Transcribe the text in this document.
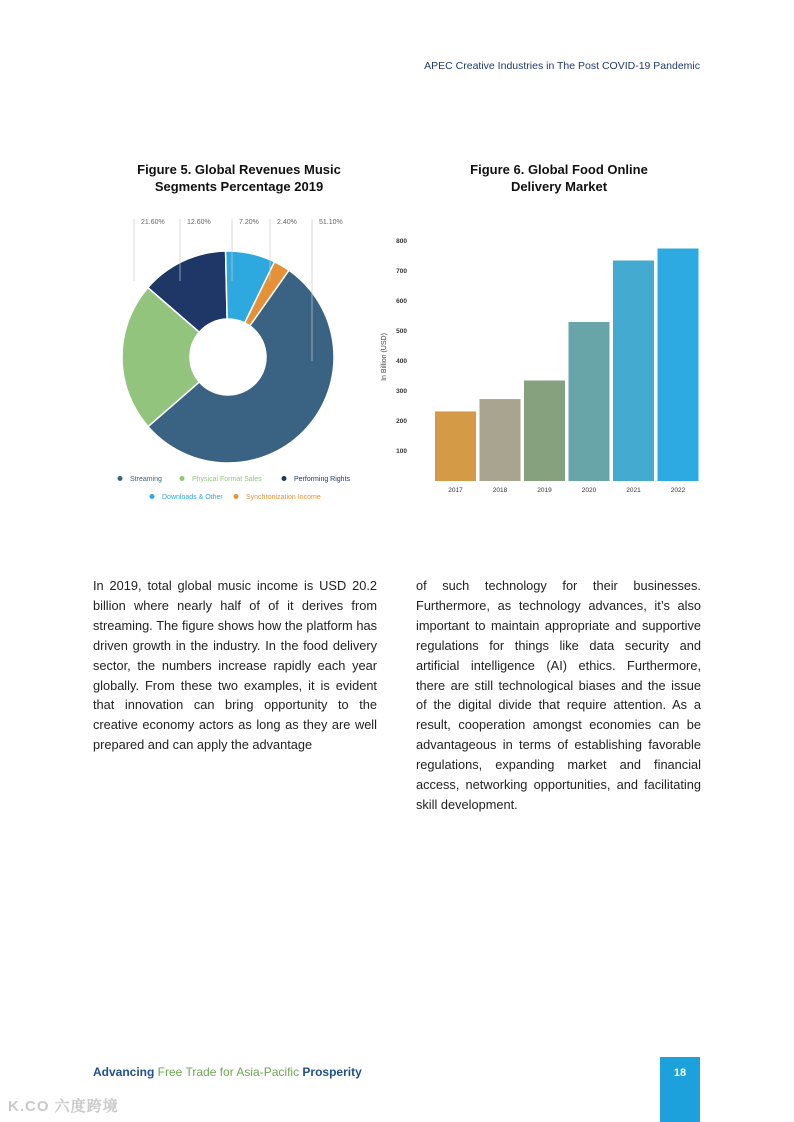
APEC Creative Industries in The Post COVID-19 Pandemic
Figure 5. Global Revenues Music
Segments Percentage 2019
Figure 6. Global Food Online
Delivery Market
21.60%	12.60%	7.20%	2.40%	51.10%
Streaming	Physical Format Sales	Performing Rights
Downloads & Other	Synchronization Income
In Billion (USD)
100
200
300
400
500
600
700
800
2017	2018	2019	2020	2021	2022

In 2019, total global music income is USD 20.2 billion where nearly half of of it derives from streaming. The figure shows how the platform has driven growth in the industry. In the food delivery sector, the numbers increase rapidly each year globally. From these two examples, it is evident that innovation can bring opportunity to the creative economy actors as long as they are well prepared and can apply the advantage

of such technology for their businesses. Furthermore, as technology advances, it’s also important to maintain appropriate and supportive regulations for things like data security and artificial intelligence (AI) ethics. Furthermore, there are still technological biases and the issue of the digital divide that require attention. As a result, cooperation amongst economies can be advantageous in terms of establishing favorable regulations, expanding market and financial access, networking opportunities, and facilitating skill development.

Advancing Free Trade for Asia-Pacific Prosperity	18
K.CO 六度跨境
